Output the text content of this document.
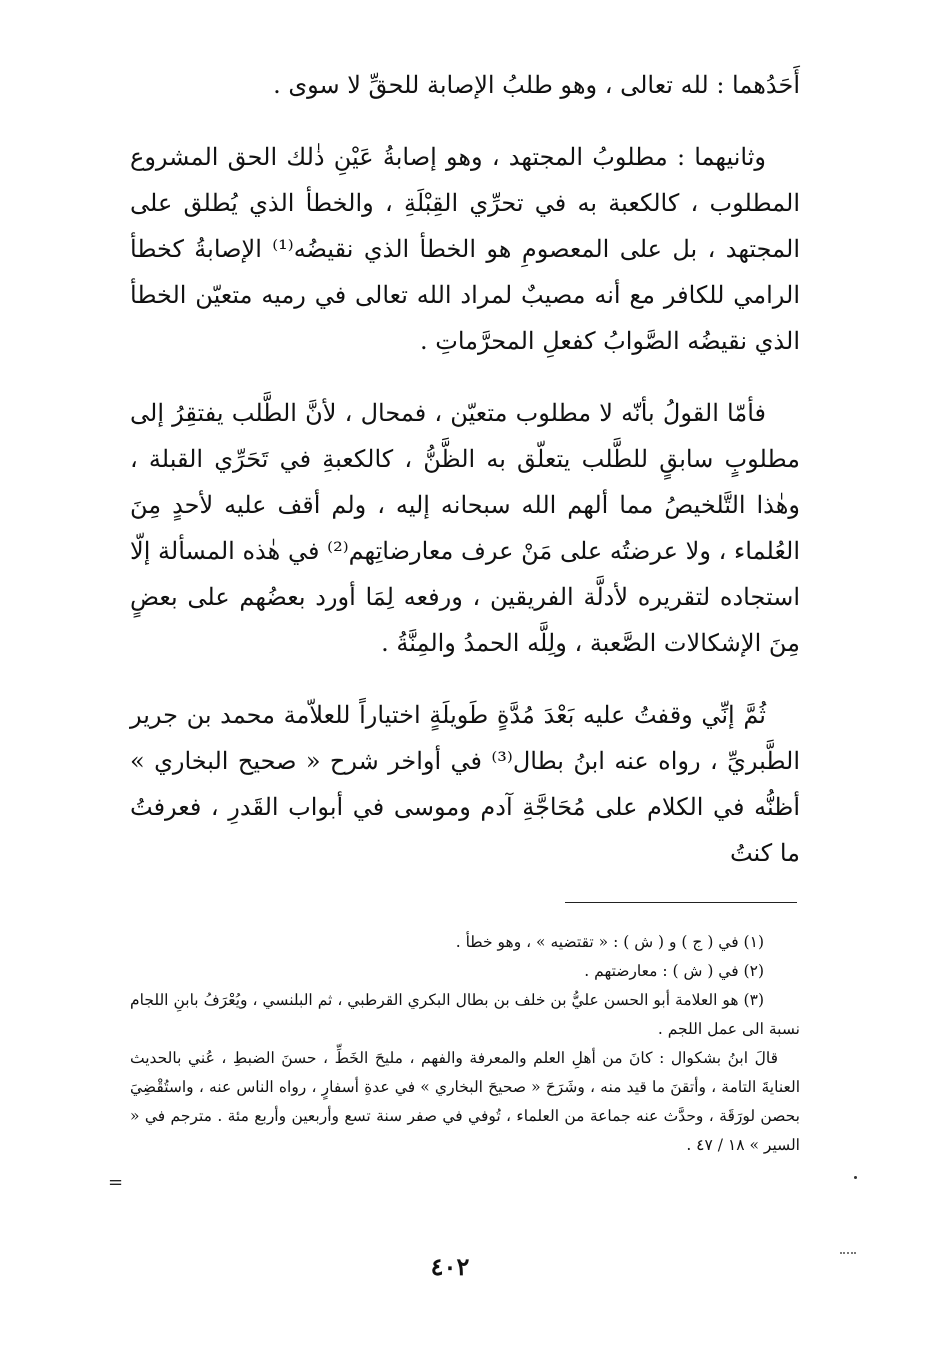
أَحَدُهما : لله تعالى ، وهو طلبُ الإصابة للحقِّ لا سوى .

وثانيهما : مطلوبُ المجتهد ، وهو إصابةُ عَيْنِ ذٰلك الحق المشروع المطلوب ، كالكعبة به في تحرِّي القِبْلَةِ ، والخطأ الذي يُطلق على المجتهد ، بل على المعصومِ هو الخطأ الذي نقيضُه⁽¹⁾ الإصابةُ كخطأ الرامي للكافر مع أنه مصيبٌ لمراد الله تعالى في رميه متعيّن الخطأ الذي نقيضُه الصَّوابُ كفعلِ المحرَّماتِ .

فأمّا القولُ بأنّه لا مطلوب متعيّن ، فمحال ، لأنَّ الطَّلب يفتقِرُ إلى مطلوبٍ سابقٍ للطَّلب يتعلّق به الظَّنُّ ، كالكعبةِ في تَحَرِّي القبلة ، وهٰذا التَّلخيصُ مما ألهم الله سبحانه إليه ، ولم أقف عليه لأحدٍ مِنَ العُلماء ، ولا عرضتُه على مَنْ عرف معارضاتِهم⁽²⁾ في هٰذه المسألة إلّا استجاده لتقريره لأدلَّة الفريقين ، ورفعه لِمَا أورد بعضُهم على بعضٍ مِنَ الإشكالات الصَّعبة ، ولِلَّه الحمدُ والمِنَّةُ .

ثُمَّ إنِّي وقفتُ عليه بَعْدَ مُدَّةٍ طَويلَةٍ اختياراً للعلاّمة محمد بن جرير الطَّبريِّ ، رواه عنه ابنُ بطال⁽³⁾ في أواخر شرح « صحيح البخاري » أظنُّه في الكلام على مُحَاجَّةِ آدم وموسى في أبواب القَدرِ ، فعرفتُ ما كنتُ

(١) في ( ج ) و ( ش ) : « تقتضيه » ، وهو خطأ .

(٢) في ( ش ) : معارضتهم .

(٣) هو العلامة أبو الحسن عليُّ بن خلف بن بطال البكري القرطبي ، ثم البلنسي ، ويُعْرَفُ بابنِ اللجام نسبة الى عمل اللجم .

قالَ ابنُ بشكوال : كانَ من أهلِ العلم والمعرفة والفهم ، مليحَ الخَطِّ ، حسنَ الضبطِ ، عُني بالحديث العنايةَ التامة ، وأتقنَ ما قيد منه ، وشَرَحَ « صحيحَ البخاري » في عدةِ أسفارٍ ، رواه الناس عنه ، واستُقْضِيَ بحصن لورَقَة ، وحدَّث عنه جماعة من العلماء ، تُوفي في صفر سنة تسع وأربعين وأربع مئة . مترجم في « السير » ١٨ / ٤٧ .

=
٤٠٢
